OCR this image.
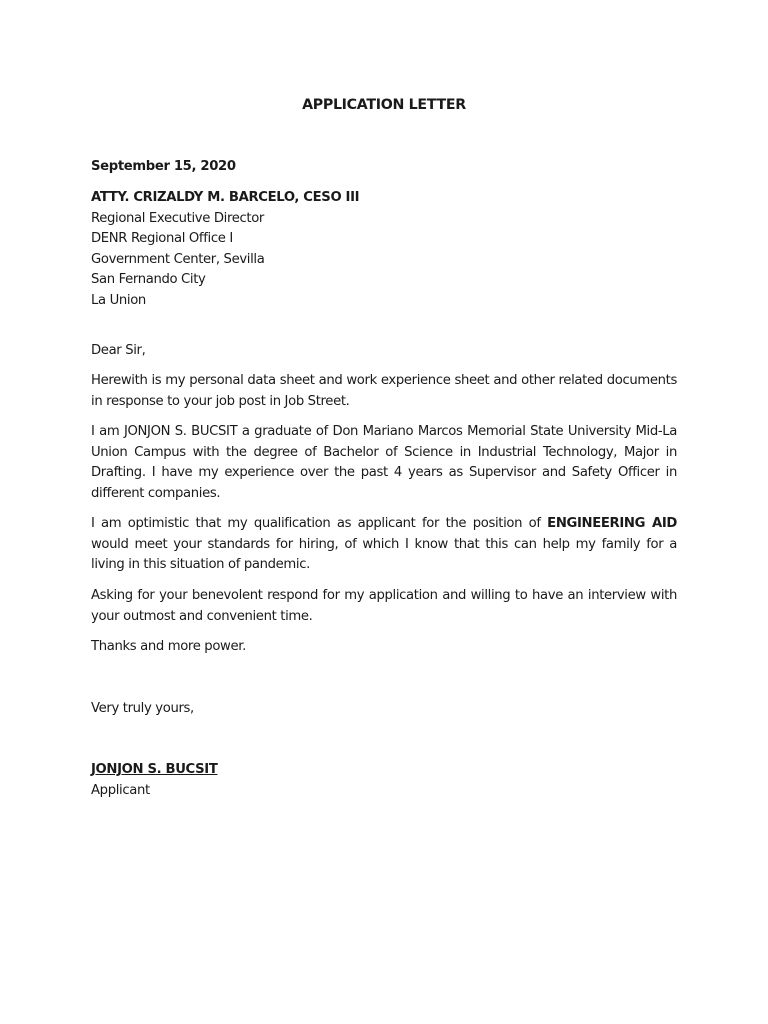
APPLICATION LETTER

September 15, 2020

ATTY. CRIZALDY M. BARCELO, CESO III
Regional Executive Director
DENR Regional Office I
Government Center, Sevilla
San Fernando City
La Union

Dear Sir,

Herewith is my personal data sheet and work experience sheet and other related documents in response to your job post in Job Street.

I am JONJON S. BUCSIT a graduate of Don Mariano Marcos Memorial State University Mid-La Union Campus with the degree of Bachelor of Science in Industrial Technology, Major in Drafting. I have my experience over the past 4 years as Supervisor and Safety Officer in different companies.

I am optimistic that my qualification as applicant for the position of ENGINEERING AID would meet your standards for hiring, of which I know that this can help my family for a living in this situation of pandemic.

Asking for your benevolent respond for my application and willing to have an interview with your outmost and convenient time.

Thanks and more power.

Very truly yours,

JONJON S. BUCSIT
Applicant
